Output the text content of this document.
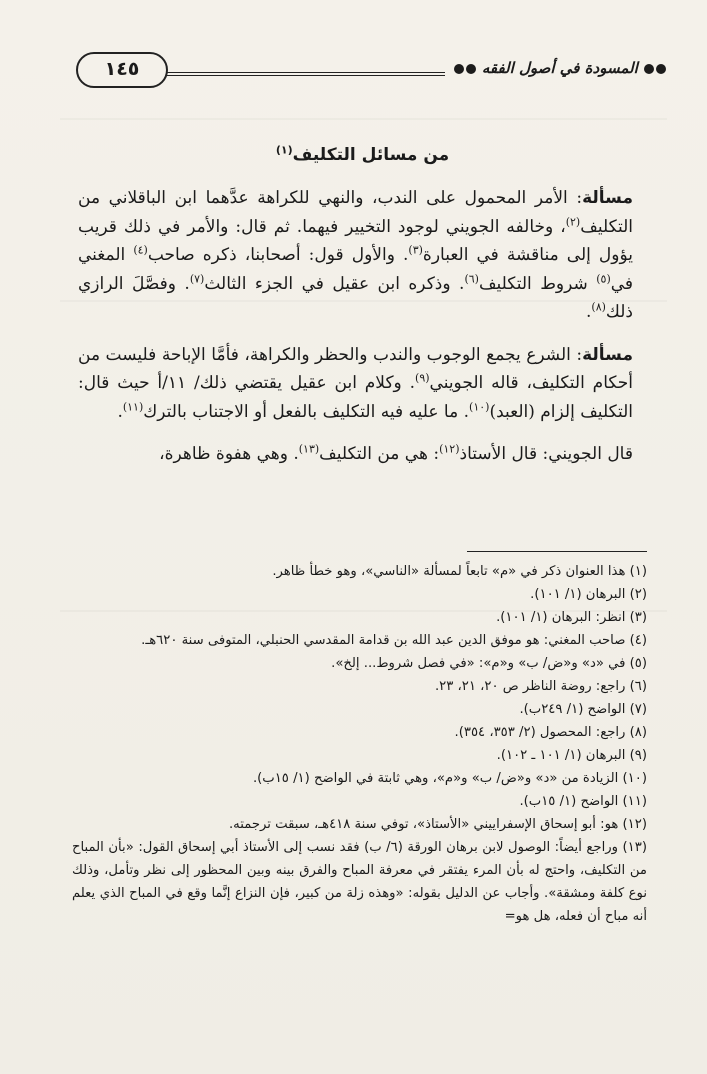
١٤٥	المسودة في أصول الفقه
من مسائل التكليف$^{(١)}$
مسألة: الأمر المحمول على الندب، والنهي للكراهة عدَّهما ابن الباقلاني من التكليف$^{(٢)}$، وخالفه الجويني لوجود التخيير فيهما. ثم قال: والأمر في ذلك قريب يؤول إلى مناقشة في العبارة$^{(٣)}$. والأول قول: أصحابنا، ذكره صاحب$^{(٤)}$ المغني في$^{(٥)}$ شروط التكليف$^{(٦)}$. وذكره ابن عقيل في الجزء الثالث$^{(٧)}$. وفصَّلَ الرازي ذلك$^{(٨)}$.
مسألة: الشرع يجمع الوجوب والندب والحظر والكراهة، فأمَّا الإباحة فليست من أحكام التكليف، قاله الجويني$^{(٩)}$. وكلام ابن عقيل يقتضي ذلك/ ١١/أ حيث قال: التكليف إلزام (العبد)$^{(١٠)}$. ما عليه فيه التكليف بالفعل أو الاجتناب بالترك$^{(١١)}$.
قال الجويني: قال الأستاذ$^{(١٢)}$: هي من التكليف$^{(١٣)}$. وهي هفوة ظاهرة،
(١) هذا العنوان ذكر في «م» تابعاً لمسألة «الناسي»، وهو خطأ ظاهر.
(٢) البرهان (١/ ١٠١).
(٣) انظر: البرهان (١/ ١٠١).
(٤) صاحب المغني: هو موفق الدين عبد الله بن قدامة المقدسي الحنبلي، المتوفى سنة ٦٢٠هـ.
(٥) في «د» و«ض/ ب» و«م»: «في فصل شروط... إلخ».
(٦) راجع: روضة الناظر ص ٢٠، ٢١، ٢٣.
(٧) الواضح (١/ ٢٤٩ب).
(٨) راجع: المحصول (٢/ ٣٥٣، ٣٥٤).
(٩) البرهان (١/ ١٠١ ـ ١٠٢).
(١٠) الزيادة من «د» و«ض/ ب» و«م»، وهي ثابتة في الواضح (١/ ١٥ب).
(١١) الواضح (١/ ١٥ب).
(١٢) هو: أبو إسحاق الإسفراييني «الأستاذ»، توفي سنة ٤١٨هـ، سبقت ترجمته.
(١٣) وراجع أيضاً: الوصول لابن برهان الورقة (٦/ ب) فقد نسب إلى الأستاذ أبي إسحاق القول: «بأن المباح من التكليف، واحتج له بأن المرء يفتقر في معرفة المباح والفرق بينه وبين المحظور إلى نظر وتأمل، وذلك نوع كلفة ومشقة». وأجاب عن الدليل بقوله: «وهذه زلة من كبير، فإن النزاع إنَّما وقع في المباح الذي يعلم أنه مباح أن فعله، هل هو=
